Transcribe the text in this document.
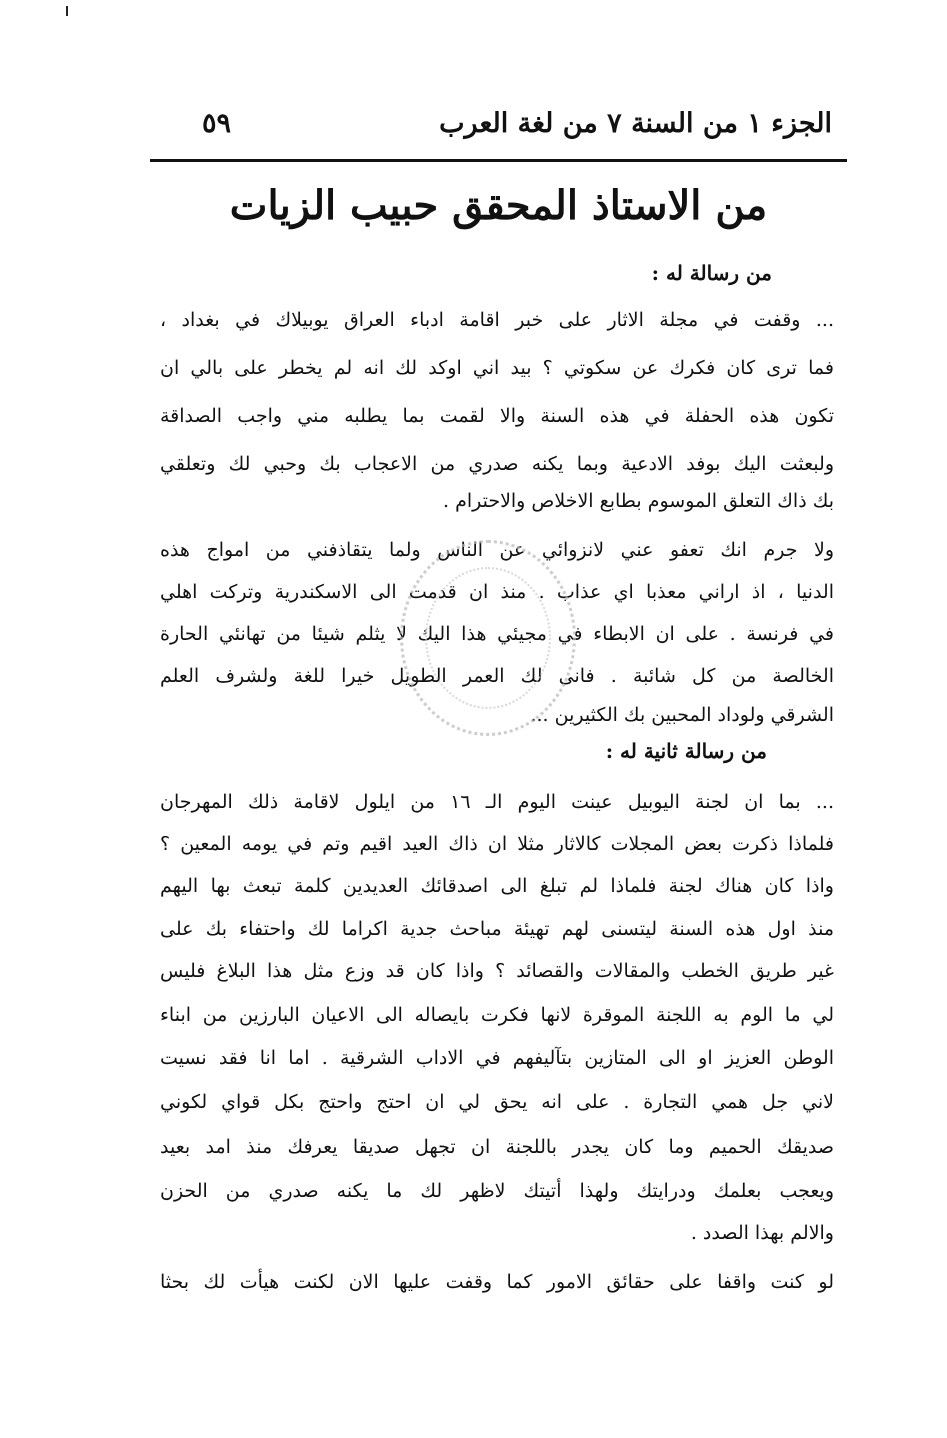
الجزء ١ من السنة ٧ من لغة العرب
٥٩
من الاستاذ المحقق حبيب الزيات
من رسالة له :
... وقفت في مجلة الاثار على خبر اقامة ادباء العراق يوبيلاك في بغداد ،
فما ترى كان فكرك عن سكوتي ؟ بيد اني اوكد لك انه لم يخطر على بالي ان
تكون هذه الحفلة في هذه السنة والا لقمت بما يطلبه مني واجب الصداقة
ولبعثت اليك بوفد الادعية وبما يكنه صدري من الاعجاب بك وحبي لك وتعلقي
بك ذاك التعلق الموسوم بطابع الاخلاص والاحترام .
ولا جرم انك تعفو عني لانزوائي عن الناس ولما يتقاذفني من امواج هذه
الدنيا ، اذ اراني معذبا اي عذاب . منذ ان قدمت الى الاسكندرية وتركت اهلي
في فرنسة . على ان الابطاء في مجيئي هذا اليك لا يثلم شيئا من تهانئي الحارة
الخالصة من كل شائبة . فانى لك العمر الطويل خيرا للغة ولشرف العلم
الشرقي ولوداد المحبين بك الكثيرين ...
من رسالة ثانية له :
... بما ان لجنة اليوبيل عينت اليوم الـ ١٦ من ايلول لاقامة ذلك المهرجان
فلماذا ذكرت بعض المجلات كالاثار مثلا ان ذاك العيد اقيم وتم في يومه المعين ؟
واذا كان هناك لجنة فلماذا لم تبلغ الى اصدقائك العديدين كلمة تبعث بها اليهم
منذ اول هذه السنة ليتسنى لهم تهيئة مباحث جدية اكراما لك واحتفاء بك على
غير طريق الخطب والمقالات والقصائد ؟ واذا كان قد وزع مثل هذا البلاغ فليس
لي ما الوم به اللجنة الموقرة لانها فكرت بايصاله الى الاعيان البارزين من ابناء
الوطن العزيز او الى المتازين بتآليفهم في الاداب الشرقية . اما انا فقد نسيت
لاني جل همي التجارة . على انه يحق لي ان احتج واحتج بكل قواي لكوني
صديقك الحميم وما كان يجدر باللجنة ان تجهل صديقا يعرفك منذ امد بعيد
ويعجب بعلمك ودرايتك ولهذا أتيتك لاظهر لك ما يكنه صدري من الحزن
والالم بهذا الصدد .
لو كنت واقفا على حقائق الامور كما وقفت عليها الان لكنت هيأت لك بحثا
